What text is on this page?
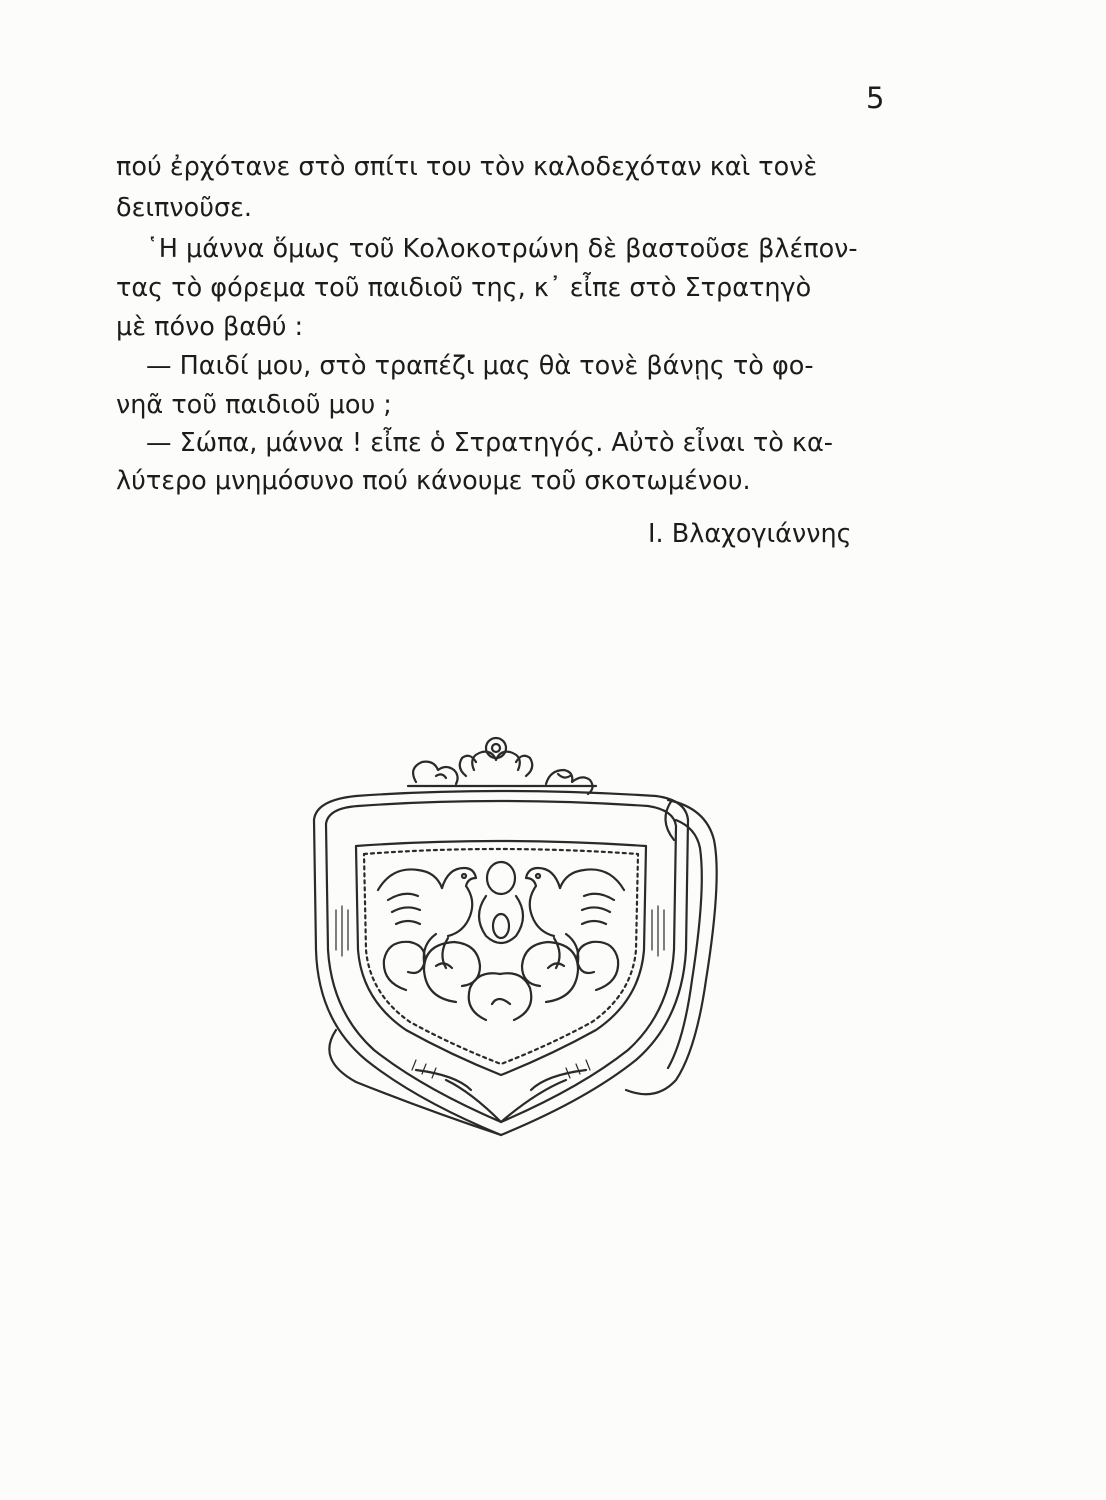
5
πού ἐρχότανε στὸ σπίτι του τὸν καλοδεχόταν καὶ τονὲ
δειπνοῦσε.
῾Η μάννα ὅμως τοῦ Κολοκοτρώνη δὲ βαστοῦσε βλέπον-
τας τὸ φόρεμα τοῦ παιδιοῦ της, κ᾿ εἶπε στὸ Στρατηγὸ
μὲ πόνο βαθύ :
— Παιδί μου, στὸ τραπέζι μας θὰ τονὲ βάνῃς τὸ φο-
νηᾶ τοῦ παιδιοῦ μου ;
— Σώπα, μάννα ! εἶπε ὁ Στρατηγός. Αὐτὸ εἶναι τὸ κα-
λύτερο μνημόσυνο πού κάνουμε τοῦ σκοτωμένου.
Ι. Βλαχογιάννης
